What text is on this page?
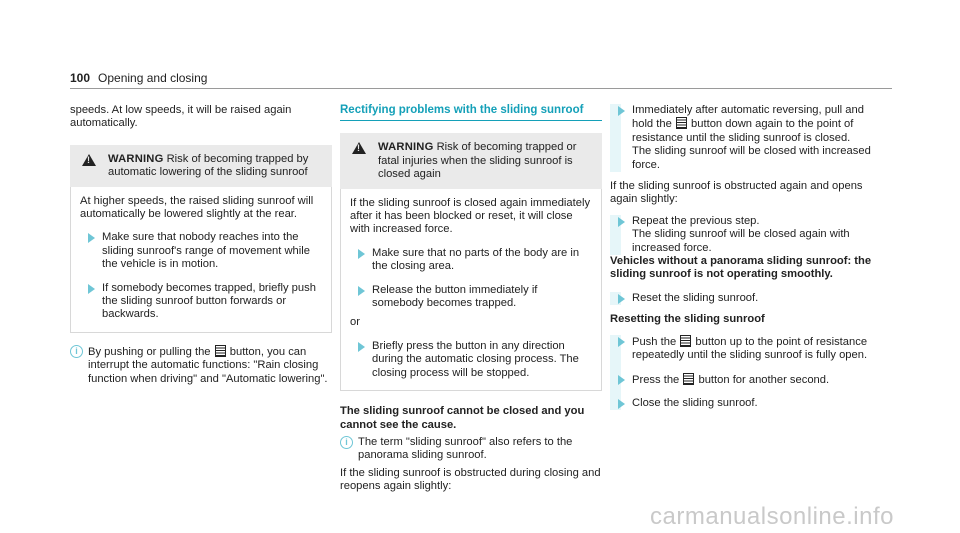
100 Opening and closing

speeds. At low speeds, it will be raised again automatically.

!
WARNING Risk of becoming trapped by automatic lowering of the sliding sunroof

At higher speeds, the raised sliding sunroof will automatically be lowered slightly at the rear.

Make sure that nobody reaches into the sliding sunroof's range of movement while the vehicle is in motion.
If somebody becomes trapped, briefly push the sliding sunroof button forwards or backwards.
i By pushing or pulling the button, you can interrupt the automatic functions: "Rain closing function when driving" and "Automatic lowering".
Rectifying problems with the sliding sunroof
!
WARNING Risk of becoming trapped or fatal injuries when the sliding sunroof is closed again

If the sliding sunroof is closed again immediately after it has been blocked or reset, it will close with increased force.

Make sure that no parts of the body are in the closing area.
Release the button immediately if somebody becomes trapped.

or

Briefly press the button in any direction during the automatic closing process. The closing process will be stopped.

The sliding sunroof cannot be closed and you cannot see the cause.

i The term "sliding sunroof" also refers to the panorama sliding sunroof.

If the sliding sunroof is obstructed during closing and reopens again slightly:

Immediately after automatic reversing, pull and hold the button down again to the point of resistance until the sliding sunroof is closed.

The sliding sunroof will be closed with increased force.

If the sliding sunroof is obstructed again and opens again slightly:

Repeat the previous step.

The sliding sunroof will be closed again with increased force.

Vehicles without a panorama sliding sunroof: the sliding sunroof is not operating smoothly.

Reset the sliding sunroof.

Resetting the sliding sunroof

Push the button up to the point of resistance repeatedly until the sliding sunroof is fully open.
Press the button for another second.
Close the sliding sunroof.
carmanualsonline.info
